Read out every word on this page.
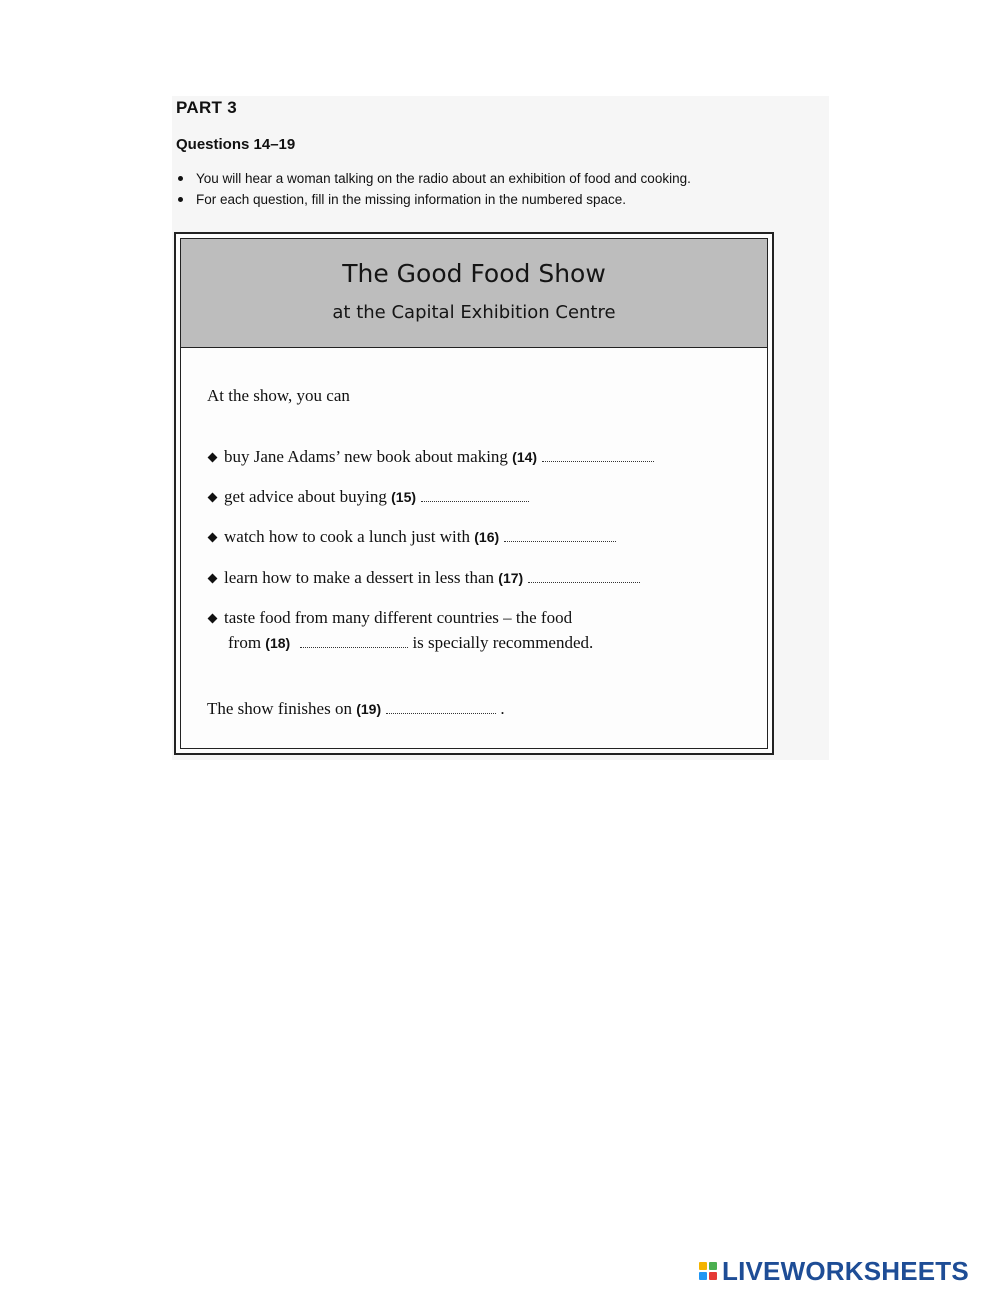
PART 3
Questions 14–19
You will hear a woman talking on the radio about an exhibition of food and cooking.
For each question, fill in the missing information in the numbered space.
The Good Food Show
at the Capital Exhibition Centre
At the show, you can
buy Jane Adams’ new book about making (14)
get advice about buying (15)
watch how to cook a lunch just with (16)
learn how to make a dessert in less than (17)
taste food from many different countries – the food
from (18)	is specially recommended.
The show finishes on (19)	.
LIVEWORKSHEETS
